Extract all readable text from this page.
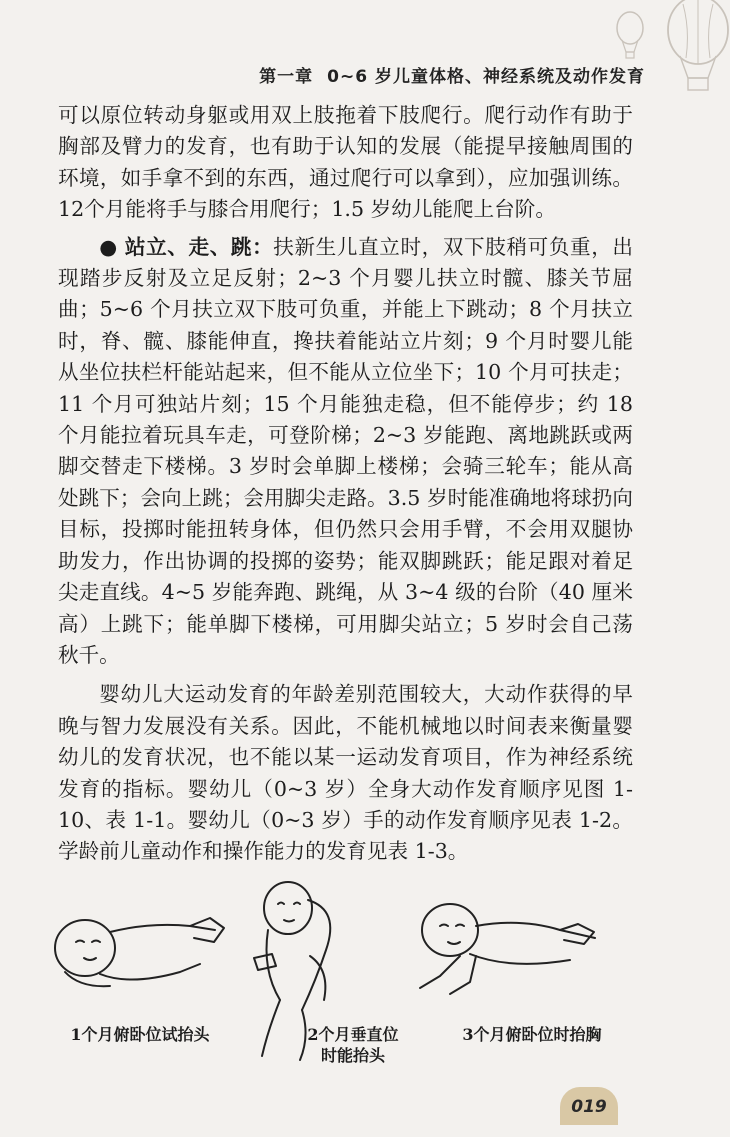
第一章 0~6 岁儿童体格、神经系统及动作发育

可以原位转动身躯或用双上肢拖着下肢爬行。爬行动作有助于胸部及臂力的发育，也有助于认知的发展（能提早接触周围的环境，如手拿不到的东西，通过爬行可以拿到），应加强训练。12个月能将手与膝合用爬行；1.5 岁幼儿能爬上台阶。

● 站立、走、跳：扶新生儿直立时，双下肢稍可负重，出现踏步反射及立足反射；2~3 个月婴儿扶立时髋、膝关节屈曲；5~6 个月扶立双下肢可负重，并能上下跳动；8 个月扶立时，脊、髋、膝能伸直，搀扶着能站立片刻；9 个月时婴儿能从坐位扶栏杆能站起来，但不能从立位坐下；10 个月可扶走；11 个月可独站片刻；15 个月能独走稳，但不能停步；约 18 个月能拉着玩具车走，可登阶梯；2~3 岁能跑、离地跳跃或两脚交替走下楼梯。3 岁时会单脚上楼梯；会骑三轮车；能从高处跳下；会向上跳；会用脚尖走路。3.5 岁时能准确地将球扔向目标，投掷时能扭转身体，但仍然只会用手臂，不会用双腿协助发力，作出协调的投掷的姿势；能双脚跳跃；能足跟对着足尖走直线。4~5 岁能奔跑、跳绳，从 3~4 级的台阶（40 厘米高）上跳下；能单脚下楼梯，可用脚尖站立；5 岁时会自己荡秋千。

婴幼儿大运动发育的年龄差别范围较大，大动作获得的早晚与智力发展没有关系。因此，不能机械地以时间表来衡量婴幼儿的发育状况，也不能以某一运动发育项目，作为神经系统发育的指标。婴幼儿（0~3 岁）全身大动作发育顺序见图 1-10、表 1-1。婴幼儿（0~3 岁）手的动作发育顺序见表 1-2。学龄前儿童动作和操作能力的发育见表 1-3。

1个月俯卧位试抬头	2个月垂直位
时能抬头
3个月俯卧位时抬胸
019
